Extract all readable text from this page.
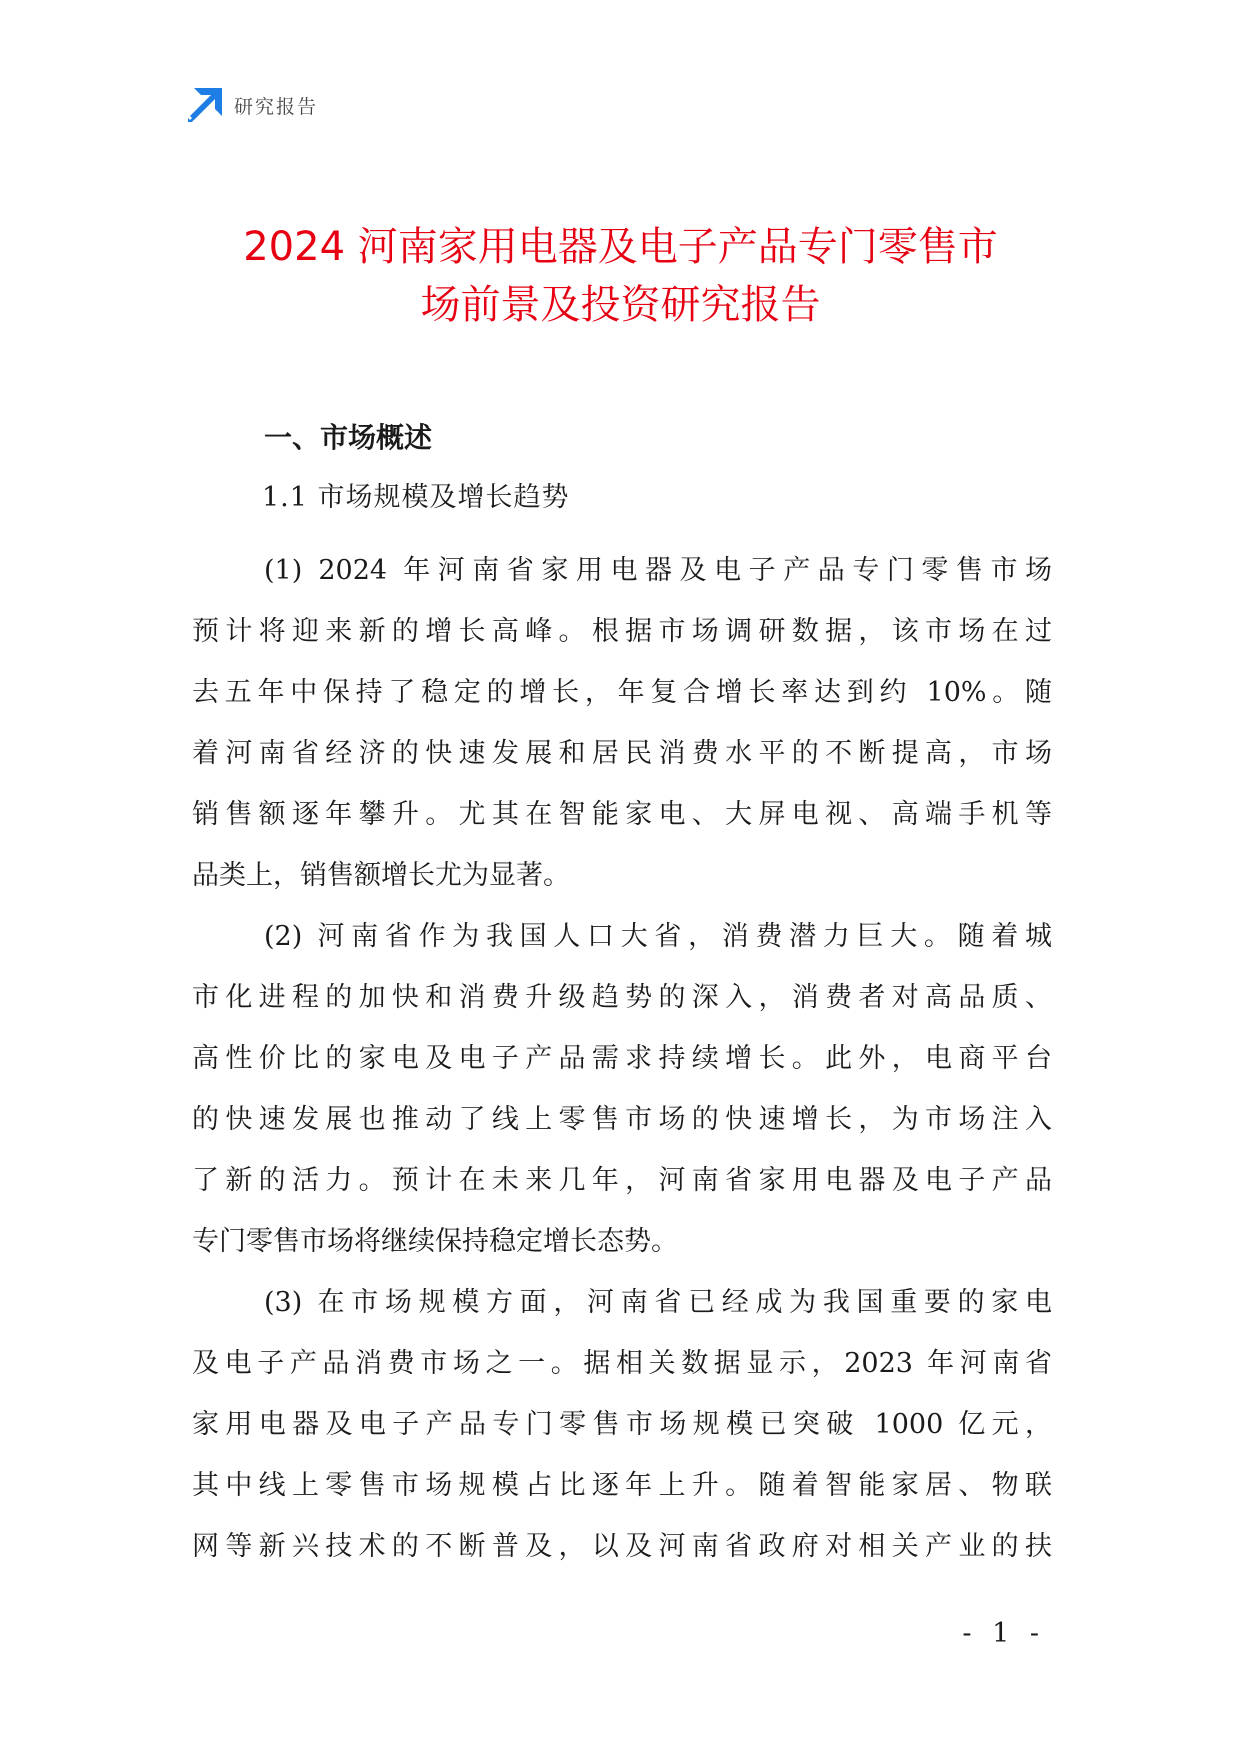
研究报告
2024 河南家用电器及电子产品专门零售市
场前景及投资研究报告
一、市场概述
1.1 市场规模及增长趋势
(1) 2024 年河南省家用电器及电子产品专门零售市场
预计将迎来新的增长高峰。根据市场调研数据，该市场在过
去五年中保持了稳定的增长，年复合增长率达到约 10%。随
着河南省经济的快速发展和居民消费水平的不断提高，市场
销售额逐年攀升。尤其在智能家电、大屏电视、高端手机等
品类上，销售额增长尤为显著。
(2) 河南省作为我国人口大省，消费潜力巨大。随着城
市化进程的加快和消费升级趋势的深入，消费者对高品质、
高性价比的家电及电子产品需求持续增长。此外，电商平台
的快速发展也推动了线上零售市场的快速增长，为市场注入
了新的活力。预计在未来几年，河南省家用电器及电子产品
专门零售市场将继续保持稳定增长态势。
(3) 在市场规模方面，河南省已经成为我国重要的家电
及电子产品消费市场之一。据相关数据显示，2023 年河南省
家用电器及电子产品专门零售市场规模已突破 1000 亿元，
其中线上零售市场规模占比逐年上升。随着智能家居、物联
网等新兴技术的不断普及，以及河南省政府对相关产业的扶
- 1 -
